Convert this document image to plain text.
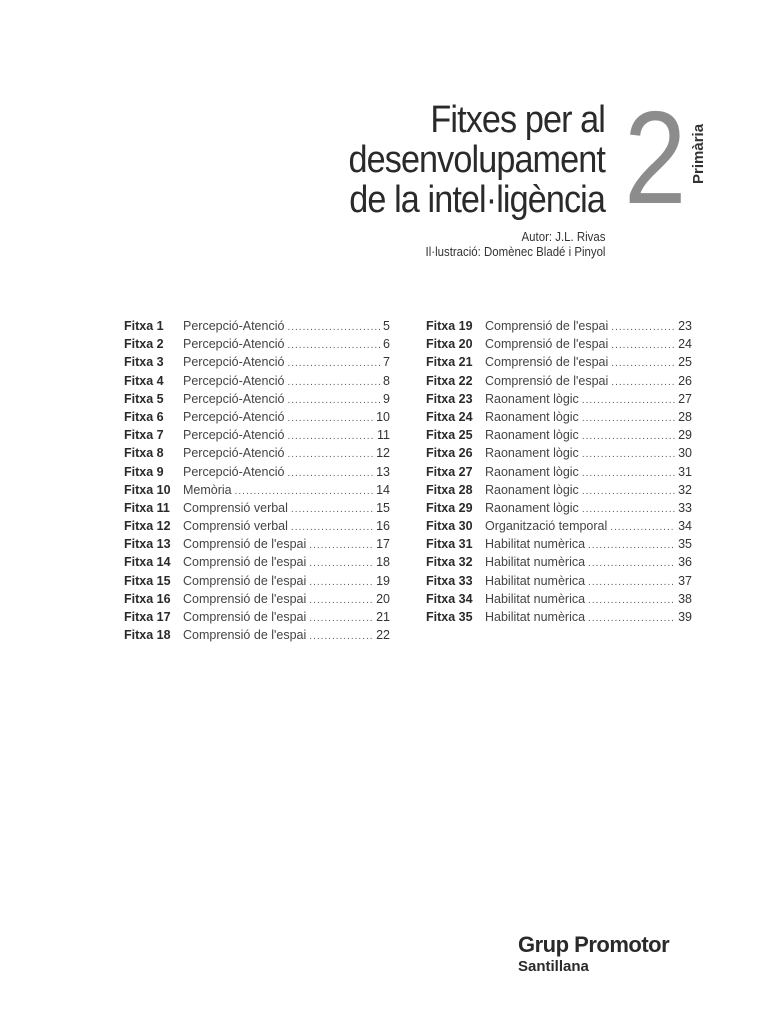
Fitxes per al
desenvolupament
de la intel·ligència 2 Primària
Autor: J.L. Rivas
Il·lustració: Domènec Bladé i Pinyol
Fitxa 1	Percepció-Atenció .....	5
Fitxa 2	Percepció-Atenció .....	6
Fitxa 3	Percepció-Atenció .....	7
Fitxa 4	Percepció-Atenció .....	8
Fitxa 5	Percepció-Atenció .....	9
Fitxa 6	Percepció-Atenció .....	10
Fitxa 7	Percepció-Atenció .....	11
Fitxa 8	Percepció-Atenció .....	12
Fitxa 9	Percepció-Atenció .....	13
Fitxa 10 Memòria .....	14
Fitxa 11	Comprensió verbal .....	15
Fitxa 12 Comprensió verbal .....	16
Fitxa 13 Comprensió de l'espai .....	17
Fitxa 14 Comprensió de l'espai .....	18
Fitxa 15 Comprensió de l'espai .....	19
Fitxa 16 Comprensió de l'espai .....	20
Fitxa 17 Comprensió de l'espai .....	21
Fitxa 18 Comprensió de l'espai .....	22
Fitxa 19 Comprensió de l'espai .....	23
Fitxa 20 Comprensió de l'espai .....	24
Fitxa 21 Comprensió de l'espai .....	25
Fitxa 22 Comprensió de l'espai .....	26
Fitxa 23 Raonament lògic .....	27
Fitxa 24 Raonament lògic .....	28
Fitxa 25 Raonament lògic .....	29
Fitxa 26 Raonament lògic .....	30
Fitxa 27 Raonament lògic .....	31
Fitxa 28 Raonament lògic .....	32
Fitxa 29 Raonament lògic .....	33
Fitxa 30 Organització temporal .....	34
Fitxa 31 Habilitat numèrica .....	35
Fitxa 32 Habilitat numèrica .....	36
Fitxa 33 Habilitat numèrica .....	37
Fitxa 34 Habilitat numèrica .....	38
Fitxa 35 Habilitat numèrica .....	39
Grup Promotor
Santillana
